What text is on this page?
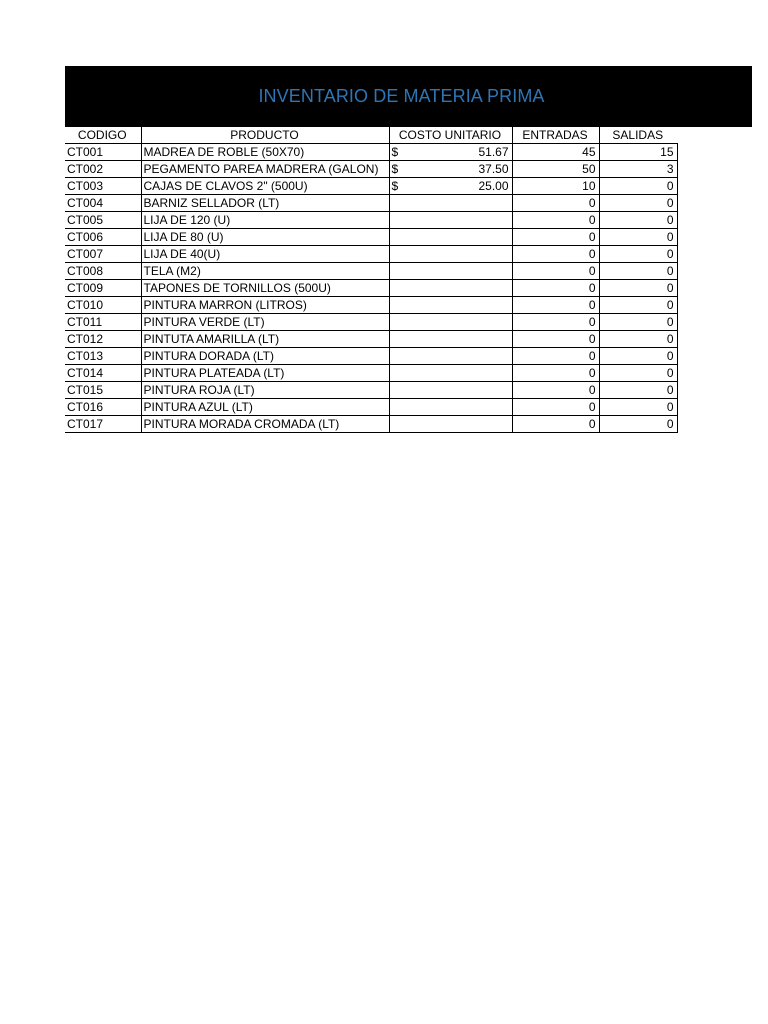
INVENTARIO DE MATERIA PRIMA
CODIGO	PRODUCTO	COSTO UNITARIO	ENTRADAS	SALIDAS
CT001	MADREA DE ROBLE (50X70)	$ 51.67	45	15
CT002	PEGAMENTO PAREA MADRERA (GALON)	$ 37.50	50	3
CT003	CAJAS DE CLAVOS 2" (500U)	$ 25.00	10	0
CT004	BARNIZ SELLADOR (LT)		0	0
CT005	LIJA DE 120 (U)		0	0
CT006	LIJA DE 80 (U)		0	0
CT007	LIJA DE 40(U)		0	0
CT008	TELA (M2)		0	0
CT009	TAPONES DE TORNILLOS (500U)		0	0
CT010	PINTURA MARRON (LITROS)		0	0
CT011	PINTURA VERDE (LT)		0	0
CT012	PINTUTA AMARILLA (LT)		0	0
CT013	PINTURA DORADA (LT)		0	0
CT014	PINTURA PLATEADA (LT)		0	0
CT015	PINTURA ROJA (LT)		0	0
CT016	PINTURA AZUL (LT)		0	0
CT017	PINTURA MORADA CROMADA (LT)		0	0
